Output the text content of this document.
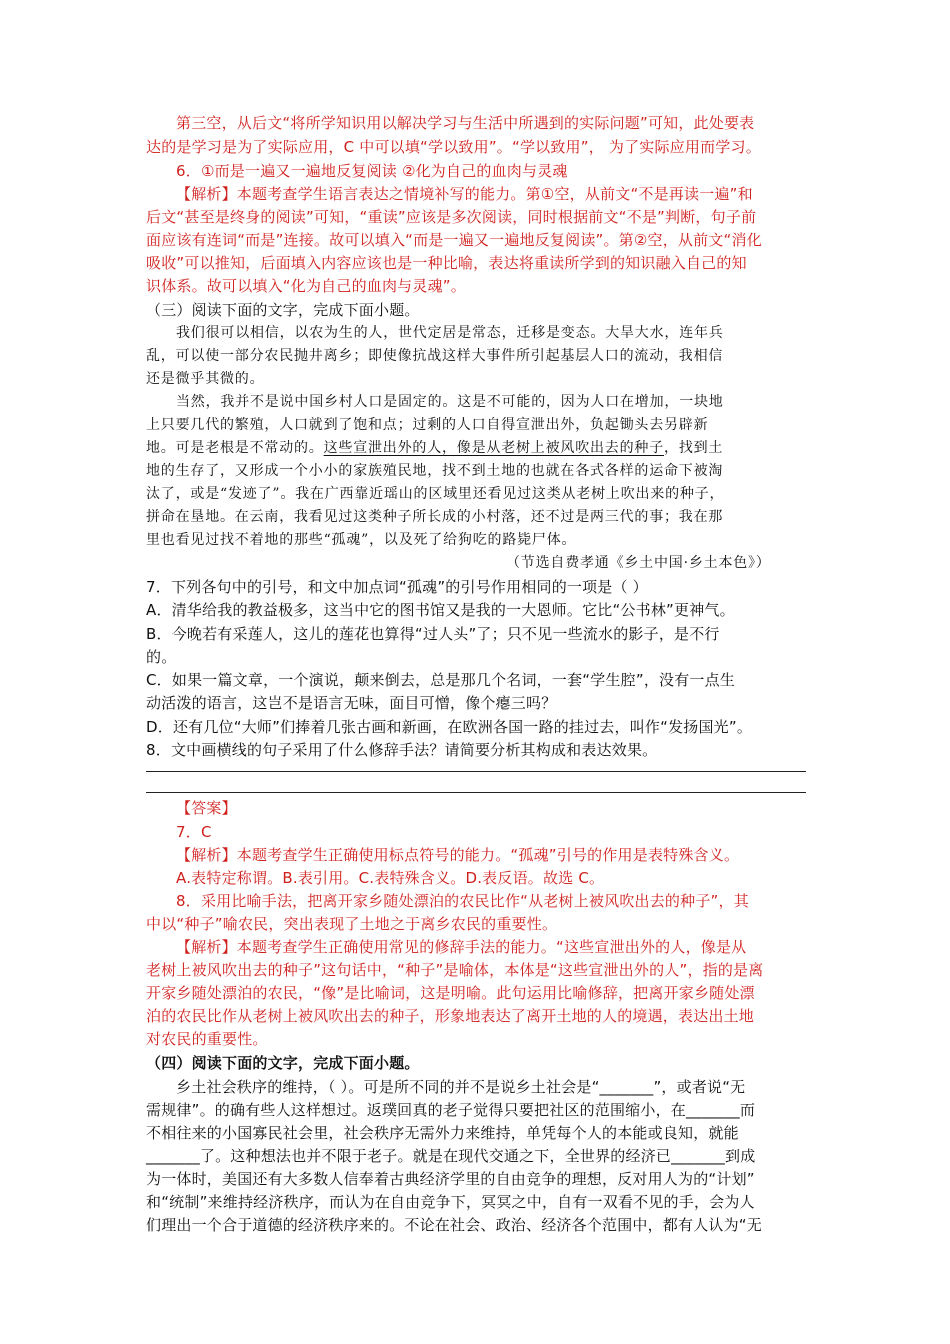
第三空，从后文“将所学知识用以解决学习与生活中所遇到的实际问题”可知，此处要表
达的是学习是为了实际应用，C 中可以填“学以致用”。“学以致用”， 为了实际应用而学习。
6．①而是一遍又一遍地反复阅读 ②化为自己的血肉与灵魂
【解析】本题考查学生语言表达之情境补写的能力。第①空，从前文“不是再读一遍”和
后文“甚至是终身的阅读”可知，“重读”应该是多次阅读，同时根据前文“不是”判断，句子前
面应该有连词“而是”连接。故可以填入“而是一遍又一遍地反复阅读”。第②空，从前文“消化
吸收”可以推知，后面填入内容应该也是一种比喻，表达将重读所学到的知识融入自己的知
识体系。故可以填入“化为自己的血肉与灵魂”。
（三）阅读下面的文字，完成下面小题。
我们很可以相信，以农为生的人，世代定居是常态，迁移是变态。大旱大水，连年兵
乱，可以使一部分农民抛井离乡；即使像抗战这样大事件所引起基层人口的流动，我相信
还是微乎其微的。
当然，我并不是说中国乡村人口是固定的。这是不可能的，因为人口在增加，一块地
上只要几代的繁殖，人口就到了饱和点；过剩的人口自得宣泄出外，负起锄头去另辟新
地。可是老根是不常动的。这些宣泄出外的人，像是从老树上被风吹出去的种子，找到土
地的生存了，又形成一个小小的家族殖民地，找不到土地的也就在各式各样的运命下被淘
汰了，或是“发迹了”。我在广西靠近瑶山的区域里还看见过这类从老树上吹出来的种子，
拼命在垦地。在云南，我看见过这类种子所长成的小村落，还不过是两三代的事；我在那
里也看见过找不着地的那些“孤魂”，以及死了给狗吃的路毙尸体。
（节选自费孝通《乡土中国·乡土本色》）
7．下列各句中的引号，和文中加点词“孤魂”的引号作用相同的一项是（ ）
A．清华给我的教益极多，这当中它的图书馆又是我的一大恩师。它比“公书林”更神气。
B．今晚若有采莲人，这儿的莲花也算得“过人头”了；只不见一些流水的影子，是不行
的。
C．如果一篇文章，一个演说，颠来倒去，总是那几个名词，一套“学生腔”，没有一点生
动活泼的语言，这岂不是语言无味，面目可憎，像个瘪三吗？
D．还有几位“大师”们捧着几张古画和新画，在欧洲各国一路的挂过去，叫作“发扬国光”。
8．文中画横线的句子采用了什么修辞手法？请简要分析其构成和表达效果。
【答案】
7．C
【解析】本题考查学生正确使用标点符号的能力。“孤魂”引号的作用是表特殊含义。
A.表特定称谓。B.表引用。C.表特殊含义。D.表反语。故选 C。
8．采用比喻手法，把离开家乡随处漂泊的农民比作“从老树上被风吹出去的种子”，其
中以“种子”喻农民，突出表现了土地之于离乡农民的重要性。
【解析】本题考查学生正确使用常见的修辞手法的能力。“这些宣泄出外的人，像是从
老树上被风吹出去的种子”这句话中，“种子”是喻体，本体是“这些宣泄出外的人”，指的是离
开家乡随处漂泊的农民，“像”是比喻词，这是明喻。此句运用比喻修辞，把离开家乡随处漂
泊的农民比作从老树上被风吹出去的种子，形象地表达了离开土地的人的境遇，表达出土地
对农民的重要性。
（四）阅读下面的文字，完成下面小题。
乡土社会秩序的维持，（ ）。可是所不同的并不是说乡土社会是“_______”，或者说“无
需规律”。的确有些人这样想过。返璞回真的老子觉得只要把社区的范围缩小，在_______而
不相往来的小国寡民社会里，社会秩序无需外力来维持，单凭每个人的本能或良知，就能
_______了。这种想法也并不限于老子。就是在现代交通之下，全世界的经济已_______到成
为一体时，美国还有大多数人信奉着古典经济学里的自由竞争的理想，反对用人为的“计划”
和“统制”来维持经济秩序，而认为在自由竞争下，冥冥之中，自有一双看不见的手，会为人
们理出一个合于道德的经济秩序来的。不论在社会、政治、经济各个范围中，都有人认为“无
